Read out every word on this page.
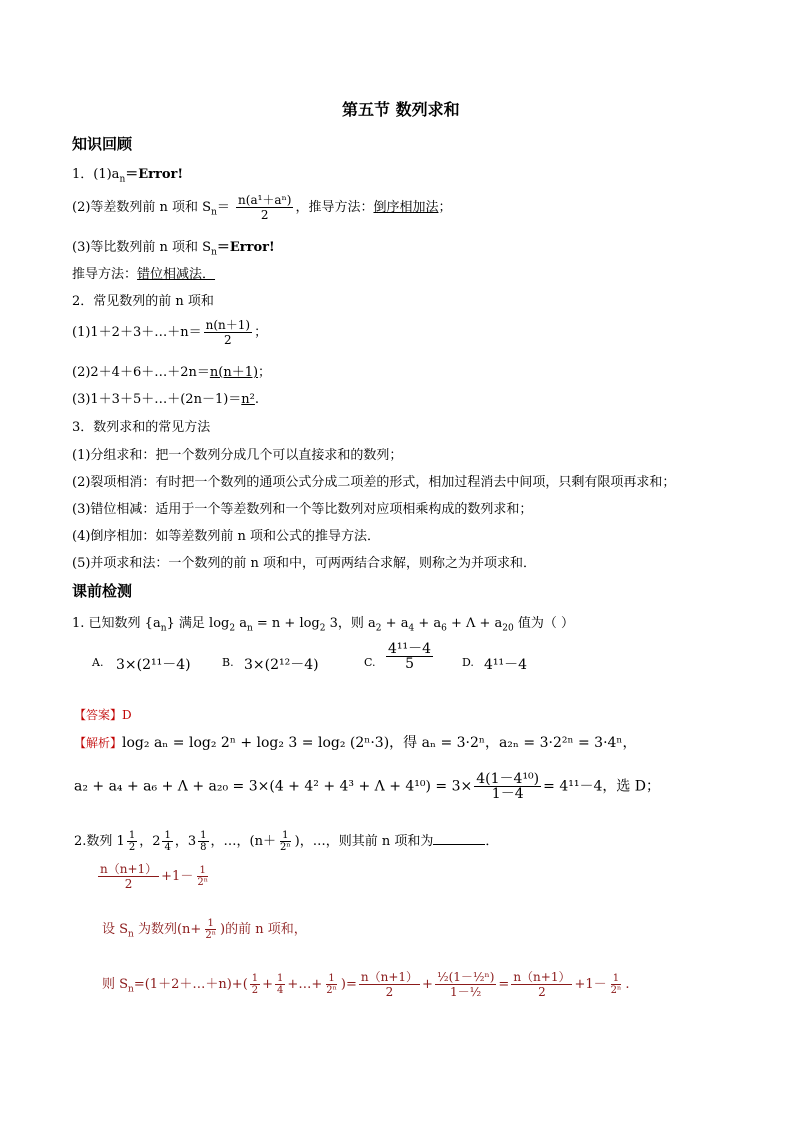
第五节 数列求和
知识回顾
1．$(1)a_n=Error$!
(2)等差数列前 n 项和 $S_n= \frac{\text{n(a¹＋aⁿ)}}{2}$ ，推导方法：倒序相加法；
(3)等比数列前 n 项和 $S_n=Error$!
推导方法：错位相减法．
2．常见数列的前 n 项和
(1)1＋2＋3＋…＋n＝ $\frac{n(n+1)}{2}$ ；
(2)2＋4＋6＋…＋2n＝n(n＋1)；
(3)1＋3＋5＋…＋(2n－1)＝n².
3．数列求和的常见方法
(1)分组求和：把一个数列分成几个可以直接求和的数列；
(2)裂项相消：有时把一个数列的通项公式分成二项差的形式，相加过程消去中间项，只剩有限项再求和；
(3)错位相减：适用于一个等差数列和一个等比数列对应项相乘构成的数列求和；
(4)倒序相加：如等差数列前 n 项和公式的推导方法．
(5)并项求和法：一个数列的前 n 项和中，可两两结合求解，则称之为并项求和．
课前检测
1. 已知数列 $\{a_n\}$ 满足 $\log_2 a_n = n + \log_2 3$，则 $a_2 + a_4 + a_6 + \Lambda + a_{20}$ 值为（ ）
A. 3×(2¹¹－4)	B. 3×(2¹²－4)	C. $\frac{\text{4¹¹－4}}{5}$	D. 4¹¹－4
【答案】D
【解析】log₂ aₙ = log₂ 2ⁿ + log₂ 3 = log₂ (2ⁿ·3)，得 aₙ = 3·2ⁿ，a₂ₙ = 3·2²ⁿ = 3·4ⁿ，
$a_2 + a_4 + a_6 + \Lambda + a_{20} = 3\times(4 + 4^2 + 4^3 + \Lambda + 4^{10}) = 3\times \frac{\text{4(1－4¹⁰)}}{1-4} = 4^{11}-4$，选 D；
2.数列 $1 \frac{1}{2}$ ，$2 \frac{1}{4}$ ，$3 \frac{1}{8}$ ，…，($n+ \frac{1}{\text{2ⁿ}}$ )，…，则其前 n 项和为	．
$\frac{n(n+1)}{2} +1- \frac{1}{\text{2ⁿ}}$
设 $S_n$ 为数列($n+ \frac{1}{\text{2ⁿ}}$ )的前 n 项和，
则 $S_n=(1+2+\dots+n)+( \frac{1}{2} + \frac{1}{4}$ +…+ $\frac{1}{\text{2ⁿ}}$ )= $\frac{n(n+1)}{2} + \frac{\text{½(1－½ⁿ)}}{\text{1－½}} = \frac{n(n+1)}{2} +1- \frac{1}{\text{2ⁿ}}$ .
